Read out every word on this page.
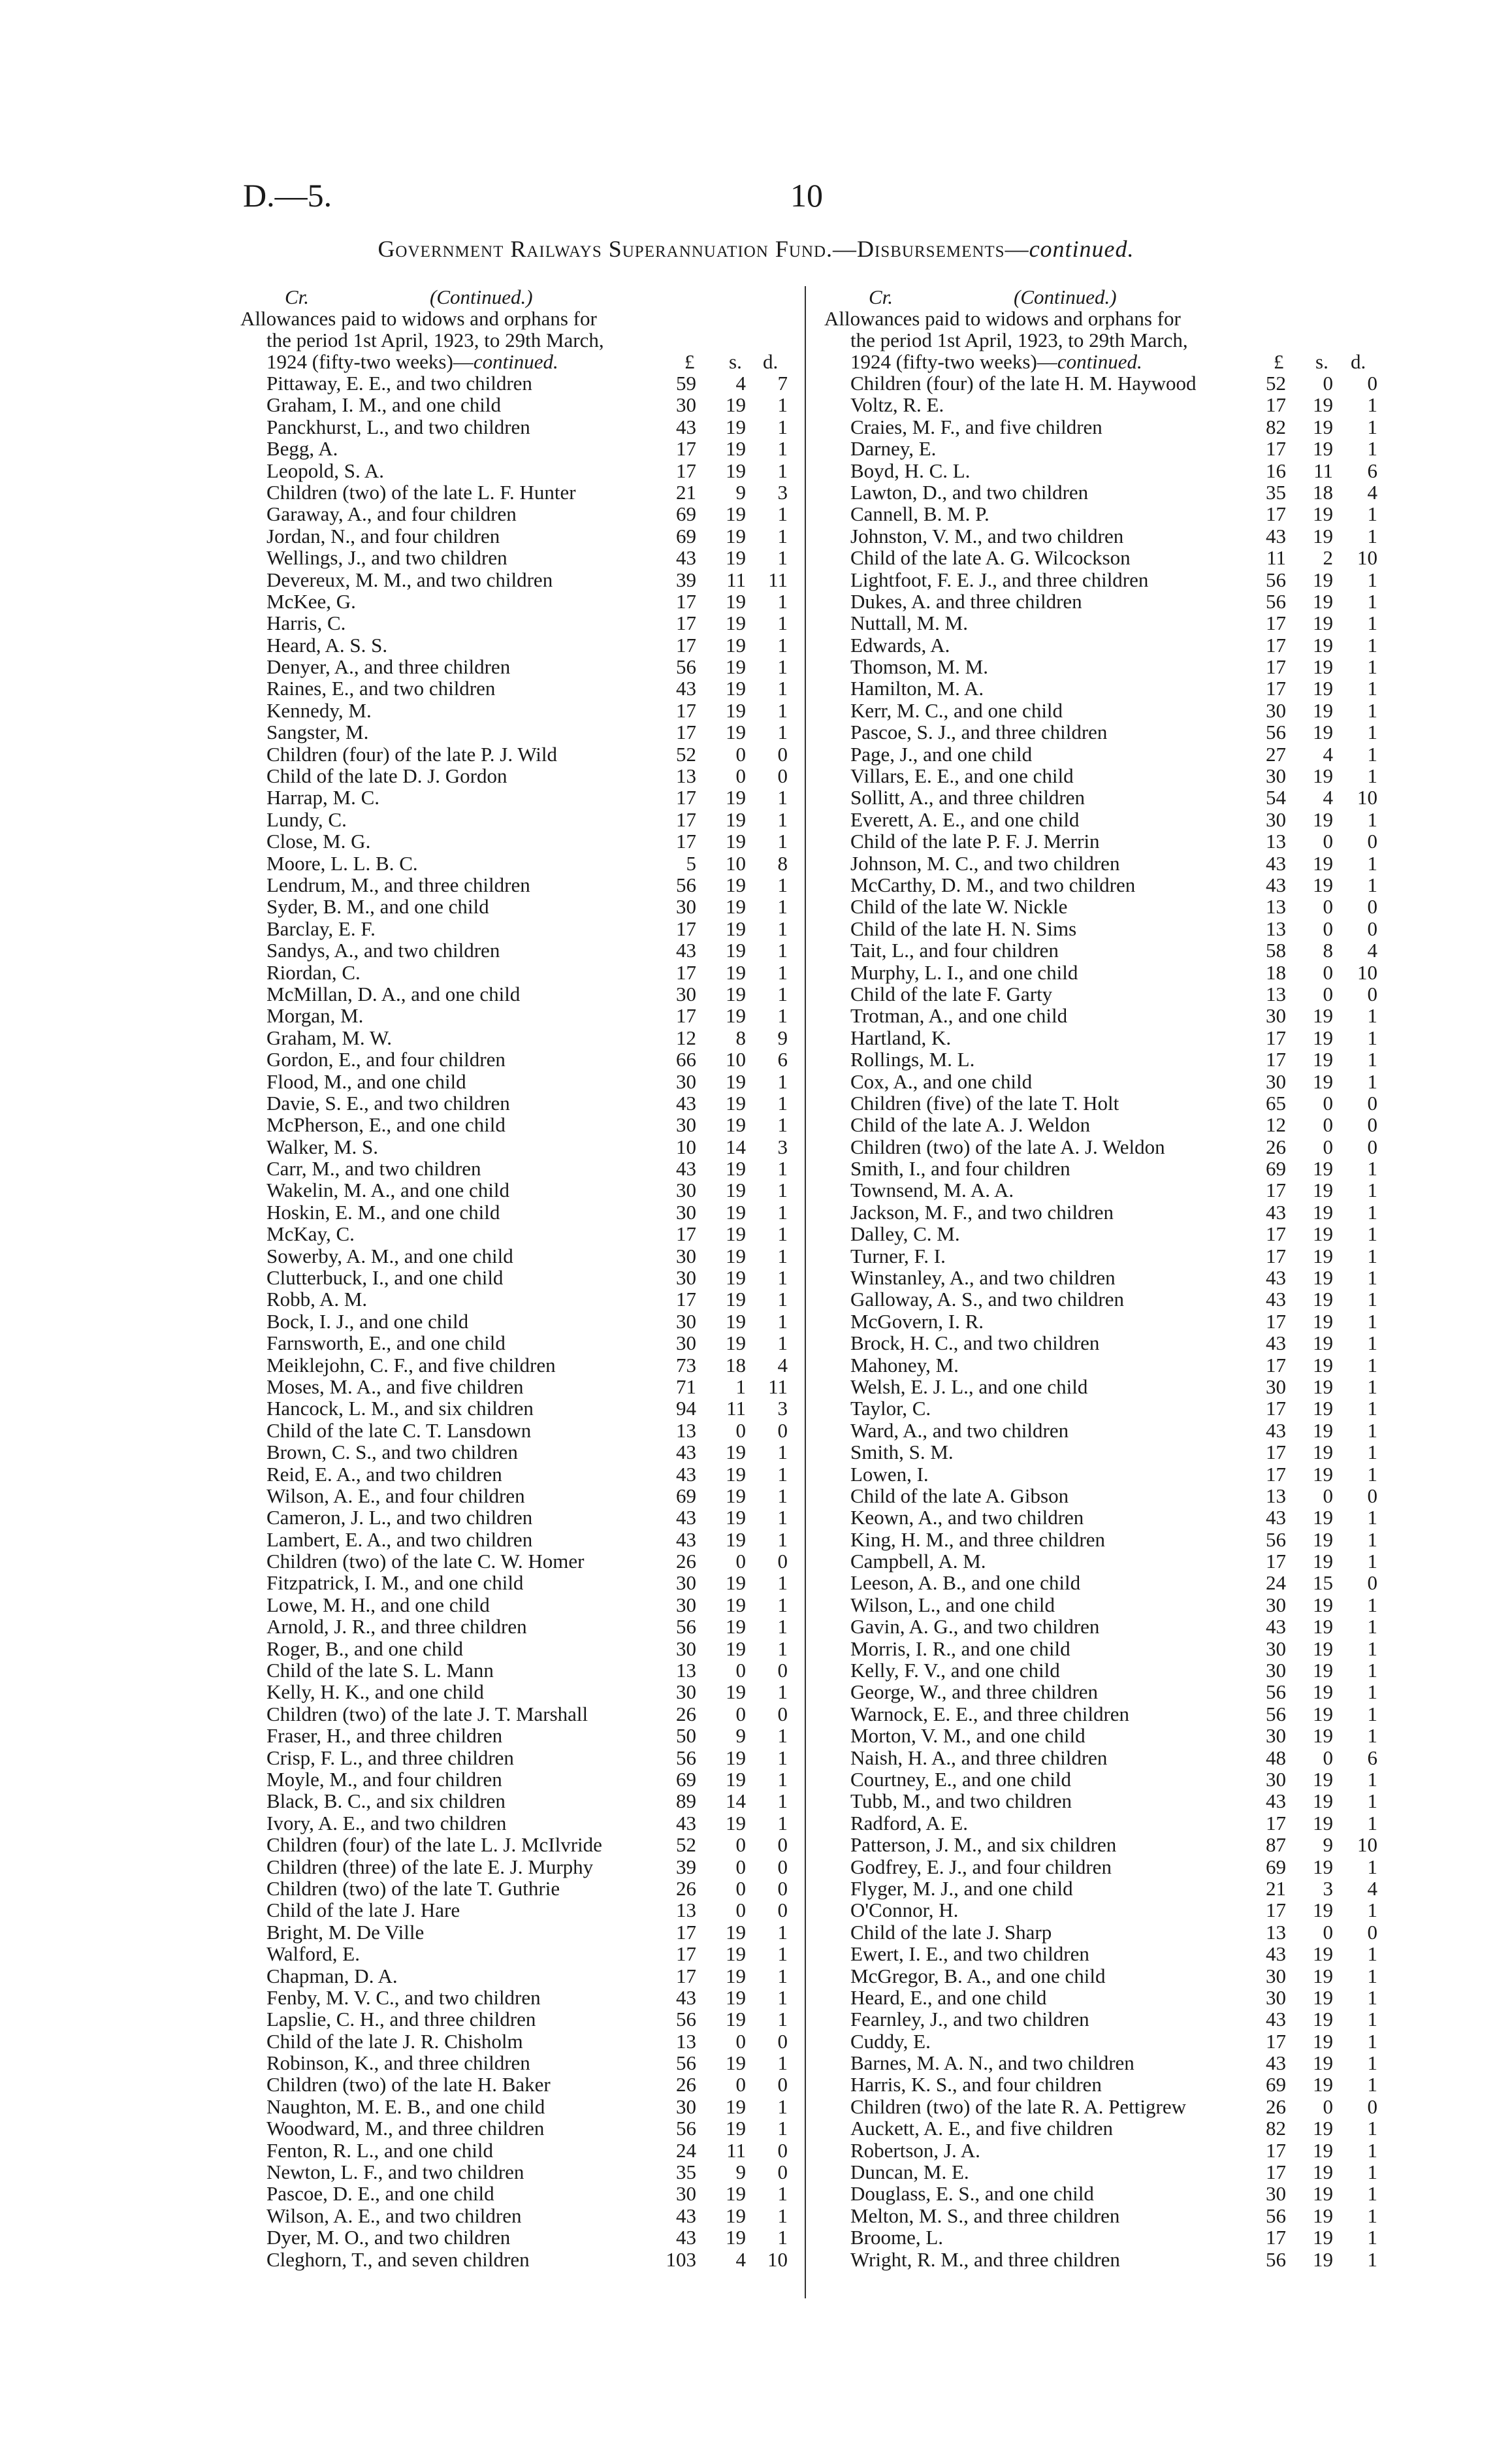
D.—5.	10
Government Railways Superannuation Fund.—Disbursements—continued.
Cr.	(Continued.)
Allowances paid to widows and orphans for
the period 1st April, 1923, to 29th March,
1924 (fifty-two weeks)—continued.	£ s. d.
Pittaway, E. E., and two children	59	4	7
Graham, I. M., and one child	30	19	1
Panckhurst, L., and two children	43	19	1
Begg, A.	17	19	1
Leopold, S. A.	17	19	1
Children (two) of the late L. F. Hunter	21	9	3
Garaway, A., and four children	69	19	1
Jordan, N., and four children	69	19	1
Wellings, J., and two children	43	19	1
Devereux, M. M., and two children	39	11	11
McKee, G.	17	19	1
Harris, C.	17	19	1
Heard, A. S. S.	17	19	1
Denyer, A., and three children	56	19	1
Raines, E., and two children	43	19	1
Kennedy, M.	17	19	1
Sangster, M.	17	19	1
Children (four) of the late P. J. Wild	52	0	0
Child of the late D. J. Gordon	13	0	0
Harrap, M. C.	17	19	1
Lundy, C.	17	19	1
Close, M. G.	17	19	1
Moore, L. L. B. C.	5	10	8
Lendrum, M., and three children	56	19	1
Syder, B. M., and one child	30	19	1
Barclay, E. F.	17	19	1
Sandys, A., and two children	43	19	1
Riordan, C.	17	19	1
McMillan, D. A., and one child	30	19	1
Morgan, M.	17	19	1
Graham, M. W.	12	8	9
Gordon, E., and four children	66	10	6
Flood, M., and one child	30	19	1
Davie, S. E., and two children	43	19	1
McPherson, E., and one child	30	19	1
Walker, M. S.	10	14	3
Carr, M., and two children	43	19	1
Wakelin, M. A., and one child	30	19	1
Hoskin, E. M., and one child	30	19	1
McKay, C.	17	19	1
Sowerby, A. M., and one child	30	19	1
Clutterbuck, I., and one child	30	19	1
Robb, A. M.	17	19	1
Bock, I. J., and one child	30	19	1
Farnsworth, E., and one child	30	19	1
Meiklejohn, C. F., and five children	73	18	4
Moses, M. A., and five children	71	1	11
Hancock, L. M., and six children	94	11	3
Child of the late C. T. Lansdown	13	0	0
Brown, C. S., and two children	43	19	1
Reid, E. A., and two children	43	19	1
Wilson, A. E., and four children	69	19	1
Cameron, J. L., and two children	43	19	1
Lambert, E. A., and two children	43	19	1
Children (two) of the late C. W. Homer	26	0	0
Fitzpatrick, I. M., and one child	30	19	1
Lowe, M. H., and one child	30	19	1
Arnold, J. R., and three children	56	19	1
Roger, B., and one child	30	19	1
Child of the late S. L. Mann	13	0	0
Kelly, H. K., and one child	30	19	1
Children (two) of the late J. T. Marshall	26	0	0
Fraser, H., and three children	50	9	1
Crisp, F. L., and three children	56	19	1
Moyle, M., and four children	69	19	1
Black, B. C., and six children	89	14	1
Ivory, A. E., and two children	43	19	1
Children (four) of the late L. J. McIlvride	52	0	0
Children (three) of the late E. J. Murphy	39	0	0
Children (two) of the late T. Guthrie	26	0	0
Child of the late J. Hare	13	0	0
Bright, M. De Ville	17	19	1
Walford, E.	17	19	1
Chapman, D. A.	17	19	1
Fenby, M. V. C., and two children	43	19	1
Lapslie, C. H., and three children	56	19	1
Child of the late J. R. Chisholm	13	0	0
Robinson, K., and three children	56	19	1
Children (two) of the late H. Baker	26	0	0
Naughton, M. E. B., and one child	30	19	1
Woodward, M., and three children	56	19	1
Fenton, R. L., and one child	24	11	0
Newton, L. F., and two children	35	9	0
Pascoe, D. E., and one child	30	19	1
Wilson, A. E., and two children	43	19	1
Dyer, M. O., and two children	43	19	1
Cleghorn, T., and seven children	103	4	10
Cr.	(Continued.)
Allowances paid to widows and orphans for
the period 1st April, 1923, to 29th March,
1924 (fifty-two weeks)—continued.	£ s. d.
Children (four) of the late H. M. Haywood	52	0	0
Voltz, R. E.	17	19	1
Craies, M. F., and five children	82	19	1
Darney, E.	17	19	1
Boyd, H. C. L.	16	11	6
Lawton, D., and two children	35	18	4
Cannell, B. M. P.	17	19	1
Johnston, V. M., and two children	43	19	1
Child of the late A. G. Wilcockson	11	2	10
Lightfoot, F. E. J., and three children	56	19	1
Dukes, A. and three children	56	19	1
Nuttall, M. M.	17	19	1
Edwards, A.	17	19	1
Thomson, M. M.	17	19	1
Hamilton, M. A.	17	19	1
Kerr, M. C., and one child	30	19	1
Pascoe, S. J., and three children	56	19	1
Page, J., and one child	27	4	1
Villars, E. E., and one child	30	19	1
Sollitt, A., and three children	54	4	10
Everett, A. E., and one child	30	19	1
Child of the late P. F. J. Merrin	13	0	0
Johnson, M. C., and two children	43	19	1
McCarthy, D. M., and two children	43	19	1
Child of the late W. Nickle	13	0	0
Child of the late H. N. Sims	13	0	0
Tait, L., and four children	58	8	4
Murphy, L. I., and one child	18	0	10
Child of the late F. Garty	13	0	0
Trotman, A., and one child	30	19	1
Hartland, K.	17	19	1
Rollings, M. L.	17	19	1
Cox, A., and one child	30	19	1
Children (five) of the late T. Holt	65	0	0
Child of the late A. J. Weldon	12	0	0
Children (two) of the late A. J. Weldon	26	0	0
Smith, I., and four children	69	19	1
Townsend, M. A. A.	17	19	1
Jackson, M. F., and two children	43	19	1
Dalley, C. M.	17	19	1
Turner, F. I.	17	19	1
Winstanley, A., and two children	43	19	1
Galloway, A. S., and two children	43	19	1
McGovern, I. R.	17	19	1
Brock, H. C., and two children	43	19	1
Mahoney, M.	17	19	1
Welsh, E. J. L., and one child	30	19	1
Taylor, C.	17	19	1
Ward, A., and two children	43	19	1
Smith, S. M.	17	19	1
Lowen, I.	17	19	1
Child of the late A. Gibson	13	0	0
Keown, A., and two children	43	19	1
King, H. M., and three children	56	19	1
Campbell, A. M.	17	19	1
Leeson, A. B., and one child	24	15	0
Wilson, L., and one child	30	19	1
Gavin, A. G., and two children	43	19	1
Morris, I. R., and one child	30	19	1
Kelly, F. V., and one child	30	19	1
George, W., and three children	56	19	1
Warnock, E. E., and three children	56	19	1
Morton, V. M., and one child	30	19	1
Naish, H. A., and three children	48	0	6
Courtney, E., and one child	30	19	1
Tubb, M., and two children	43	19	1
Radford, A. E.	17	19	1
Patterson, J. M., and six children	87	9	10
Godfrey, E. J., and four children	69	19	1
Flyger, M. J., and one child	21	3	4
O'Connor, H.	17	19	1
Child of the late J. Sharp	13	0	0
Ewert, I. E., and two children	43	19	1
McGregor, B. A., and one child	30	19	1
Heard, E., and one child	30	19	1
Fearnley, J., and two children	43	19	1
Cuddy, E.	17	19	1
Barnes, M. A. N., and two children	43	19	1
Harris, K. S., and four children	69	19	1
Children (two) of the late R. A. Pettigrew	26	0	0
Auckett, A. E., and five children	82	19	1
Robertson, J. A.	17	19	1
Duncan, M. E.	17	19	1
Douglass, E. S., and one child	30	19	1
Melton, M. S., and three children	56	19	1
Broome, L.	17	19	1
Wright, R. M., and three children	56	19	1
